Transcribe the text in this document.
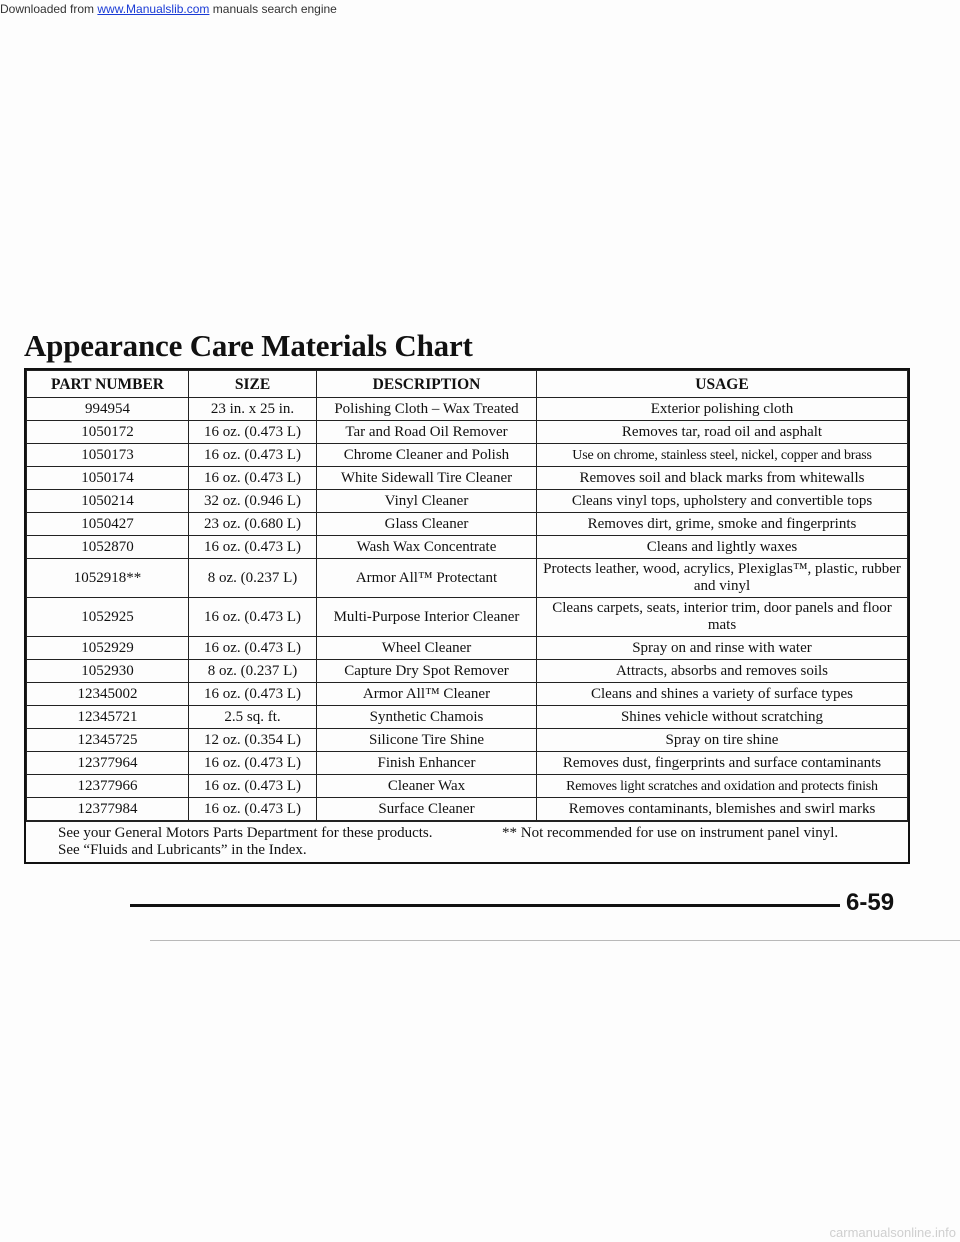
Downloaded from www.Manualslib.com manuals search engine
Appearance Care Materials Chart
PART NUMBER	SIZE	DESCRIPTION	USAGE
994954	23 in. x 25 in.	Polishing Cloth – Wax Treated	Exterior polishing cloth
1050172	16 oz. (0.473 L)	Tar and Road Oil Remover	Removes tar, road oil and asphalt
1050173	16 oz. (0.473 L)	Chrome Cleaner and Polish	Use on chrome, stainless steel, nickel, copper and brass
1050174	16 oz. (0.473 L)	White Sidewall Tire Cleaner	Removes soil and black marks from whitewalls
1050214	32 oz. (0.946 L)	Vinyl Cleaner	Cleans vinyl tops, upholstery and convertible tops
1050427	23 oz. (0.680 L)	Glass Cleaner	Removes dirt, grime, smoke and fingerprints
1052870	16 oz. (0.473 L)	Wash Wax Concentrate	Cleans and lightly waxes
1052918**	8 oz. (0.237 L)	Armor All™ Protectant	Protects leather, wood, acrylics, Plexiglas™, plastic, rubber and vinyl
1052925	16 oz. (0.473 L)	Multi-Purpose Interior Cleaner	Cleans carpets, seats, interior trim, door panels and floor mats
1052929	16 oz. (0.473 L)	Wheel Cleaner	Spray on and rinse with water
1052930	8 oz. (0.237 L)	Capture Dry Spot Remover	Attracts, absorbs and removes soils
12345002	16 oz. (0.473 L)	Armor All™ Cleaner	Cleans and shines a variety of surface types
12345721	2.5 sq. ft.	Synthetic Chamois	Shines vehicle without scratching
12345725	12 oz. (0.354 L)	Silicone Tire Shine	Spray on tire shine
12377964	16 oz. (0.473 L)	Finish Enhancer	Removes dust, fingerprints and surface contaminants
12377966	16 oz. (0.473 L)	Cleaner Wax	Removes light scratches and oxidation and protects finish
12377984	16 oz. (0.473 L)	Surface Cleaner	Removes contaminants, blemishes and swirl marks
See your General Motors Parts Department for these products.
See “Fluids and Lubricants” in the Index.
** Not recommended for use on instrument panel vinyl.
6-59
carmanualsonline.info
